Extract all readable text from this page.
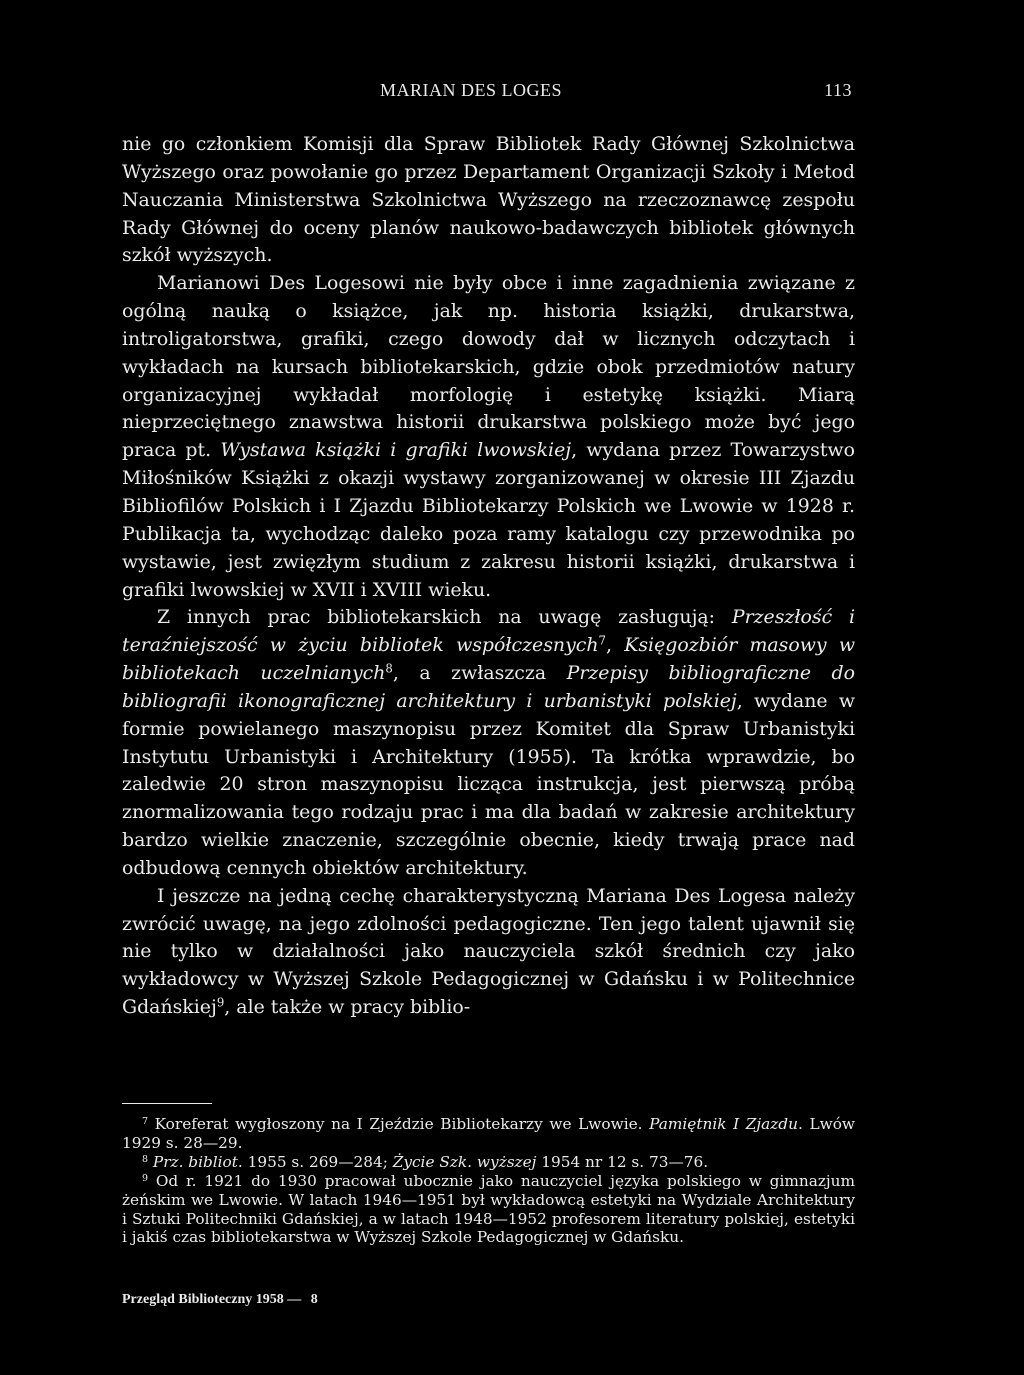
MARIAN DES LOGES	113

nie go członkiem Komisji dla Spraw Bibliotek Rady Głównej Szkolnictwa Wyższego oraz powołanie go przez Departament Organizacji Szkoły i Metod Nauczania Ministerstwa Szkolnictwa Wyższego na rzeczoznawcę zespołu Rady Głównej do oceny planów naukowo-badawczych bibliotek głównych szkół wyższych.

Marianowi Des Logesowi nie były obce i inne zagadnienia związane z ogólną nauką o książce, jak np. historia książki, drukarstwa, introligatorstwa, grafiki, czego dowody dał w licznych odczytach i wykładach na kursach bibliotekarskich, gdzie obok przedmiotów natury organizacyjnej wykładał morfologię i estetykę książki. Miarą nieprzeciętnego znawstwa historii drukarstwa polskiego może być jego praca pt. Wystawa książki i grafiki lwowskiej, wydana przez Towarzystwo Miłośników Książki z okazji wystawy zorganizowanej w okresie III Zjazdu Bibliofilów Polskich i I Zjazdu Bibliotekarzy Polskich we Lwowie w 1928 r. Publikacja ta, wychodząc daleko poza ramy katalogu czy przewodnika po wystawie, jest zwięzłym studium z zakresu historii książki, drukarstwa i grafiki lwowskiej w XVII i XVIII wieku.

Z innych prac bibliotekarskich na uwagę zasługują: Przeszłość i teraźniejszość w życiu bibliotek współczesnych$^7$, Księgozbiór masowy w bibliotekach uczelnianych$^8$, a zwłaszcza Przepisy bibliograficzne do bibliografii ikonograficznej architektury i urbanistyki polskiej, wydane w formie powielanego maszynopisu przez Komitet dla Spraw Urbanistyki Instytutu Urbanistyki i Architektury (1955). Ta krótka wprawdzie, bo zaledwie 20 stron maszynopisu licząca instrukcja, jest pierwszą próbą znormalizowania tego rodzaju prac i ma dla badań w zakresie architektury bardzo wielkie znaczenie, szczególnie obecnie, kiedy trwają prace nad odbudową cennych obiektów architektury.

I jeszcze na jedną cechę charakterystyczną Mariana Des Logesa należy zwrócić uwagę, na jego zdolności pedagogiczne. Ten jego talent ujawnił się nie tylko w działalności jako nauczyciela szkół średnich czy jako wykładowcy w Wyższej Szkole Pedagogicznej w Gdańsku i w Politechnice Gdańskiej$^9$, ale także w pracy biblio-

$^7$ Koreferat wygłoszony na I Zjeździe Bibliotekarzy we Lwowie. Pamiętnik I Zjazdu. Lwów 1929 s. 28—29.

$^8$ Prz. bibliot. 1955 s. 269—284; Życie Szk. wyższej 1954 nr 12 s. 73—76.

$^9$ Od r. 1921 do 1930 pracował ubocznie jako nauczyciel języka polskiego w gimnazjum żeńskim we Lwowie. W latach 1946—1951 był wykładowcą estetyki na Wydziale Architektury i Sztuki Politechniki Gdańskiej, a w latach 1948—1952 profesorem literatury polskiej, estetyki i jakiś czas bibliotekarstwa w Wyższej Szkole Pedagogicznej w Gdańsku.

Przegląd Biblioteczny 1958 — 8
